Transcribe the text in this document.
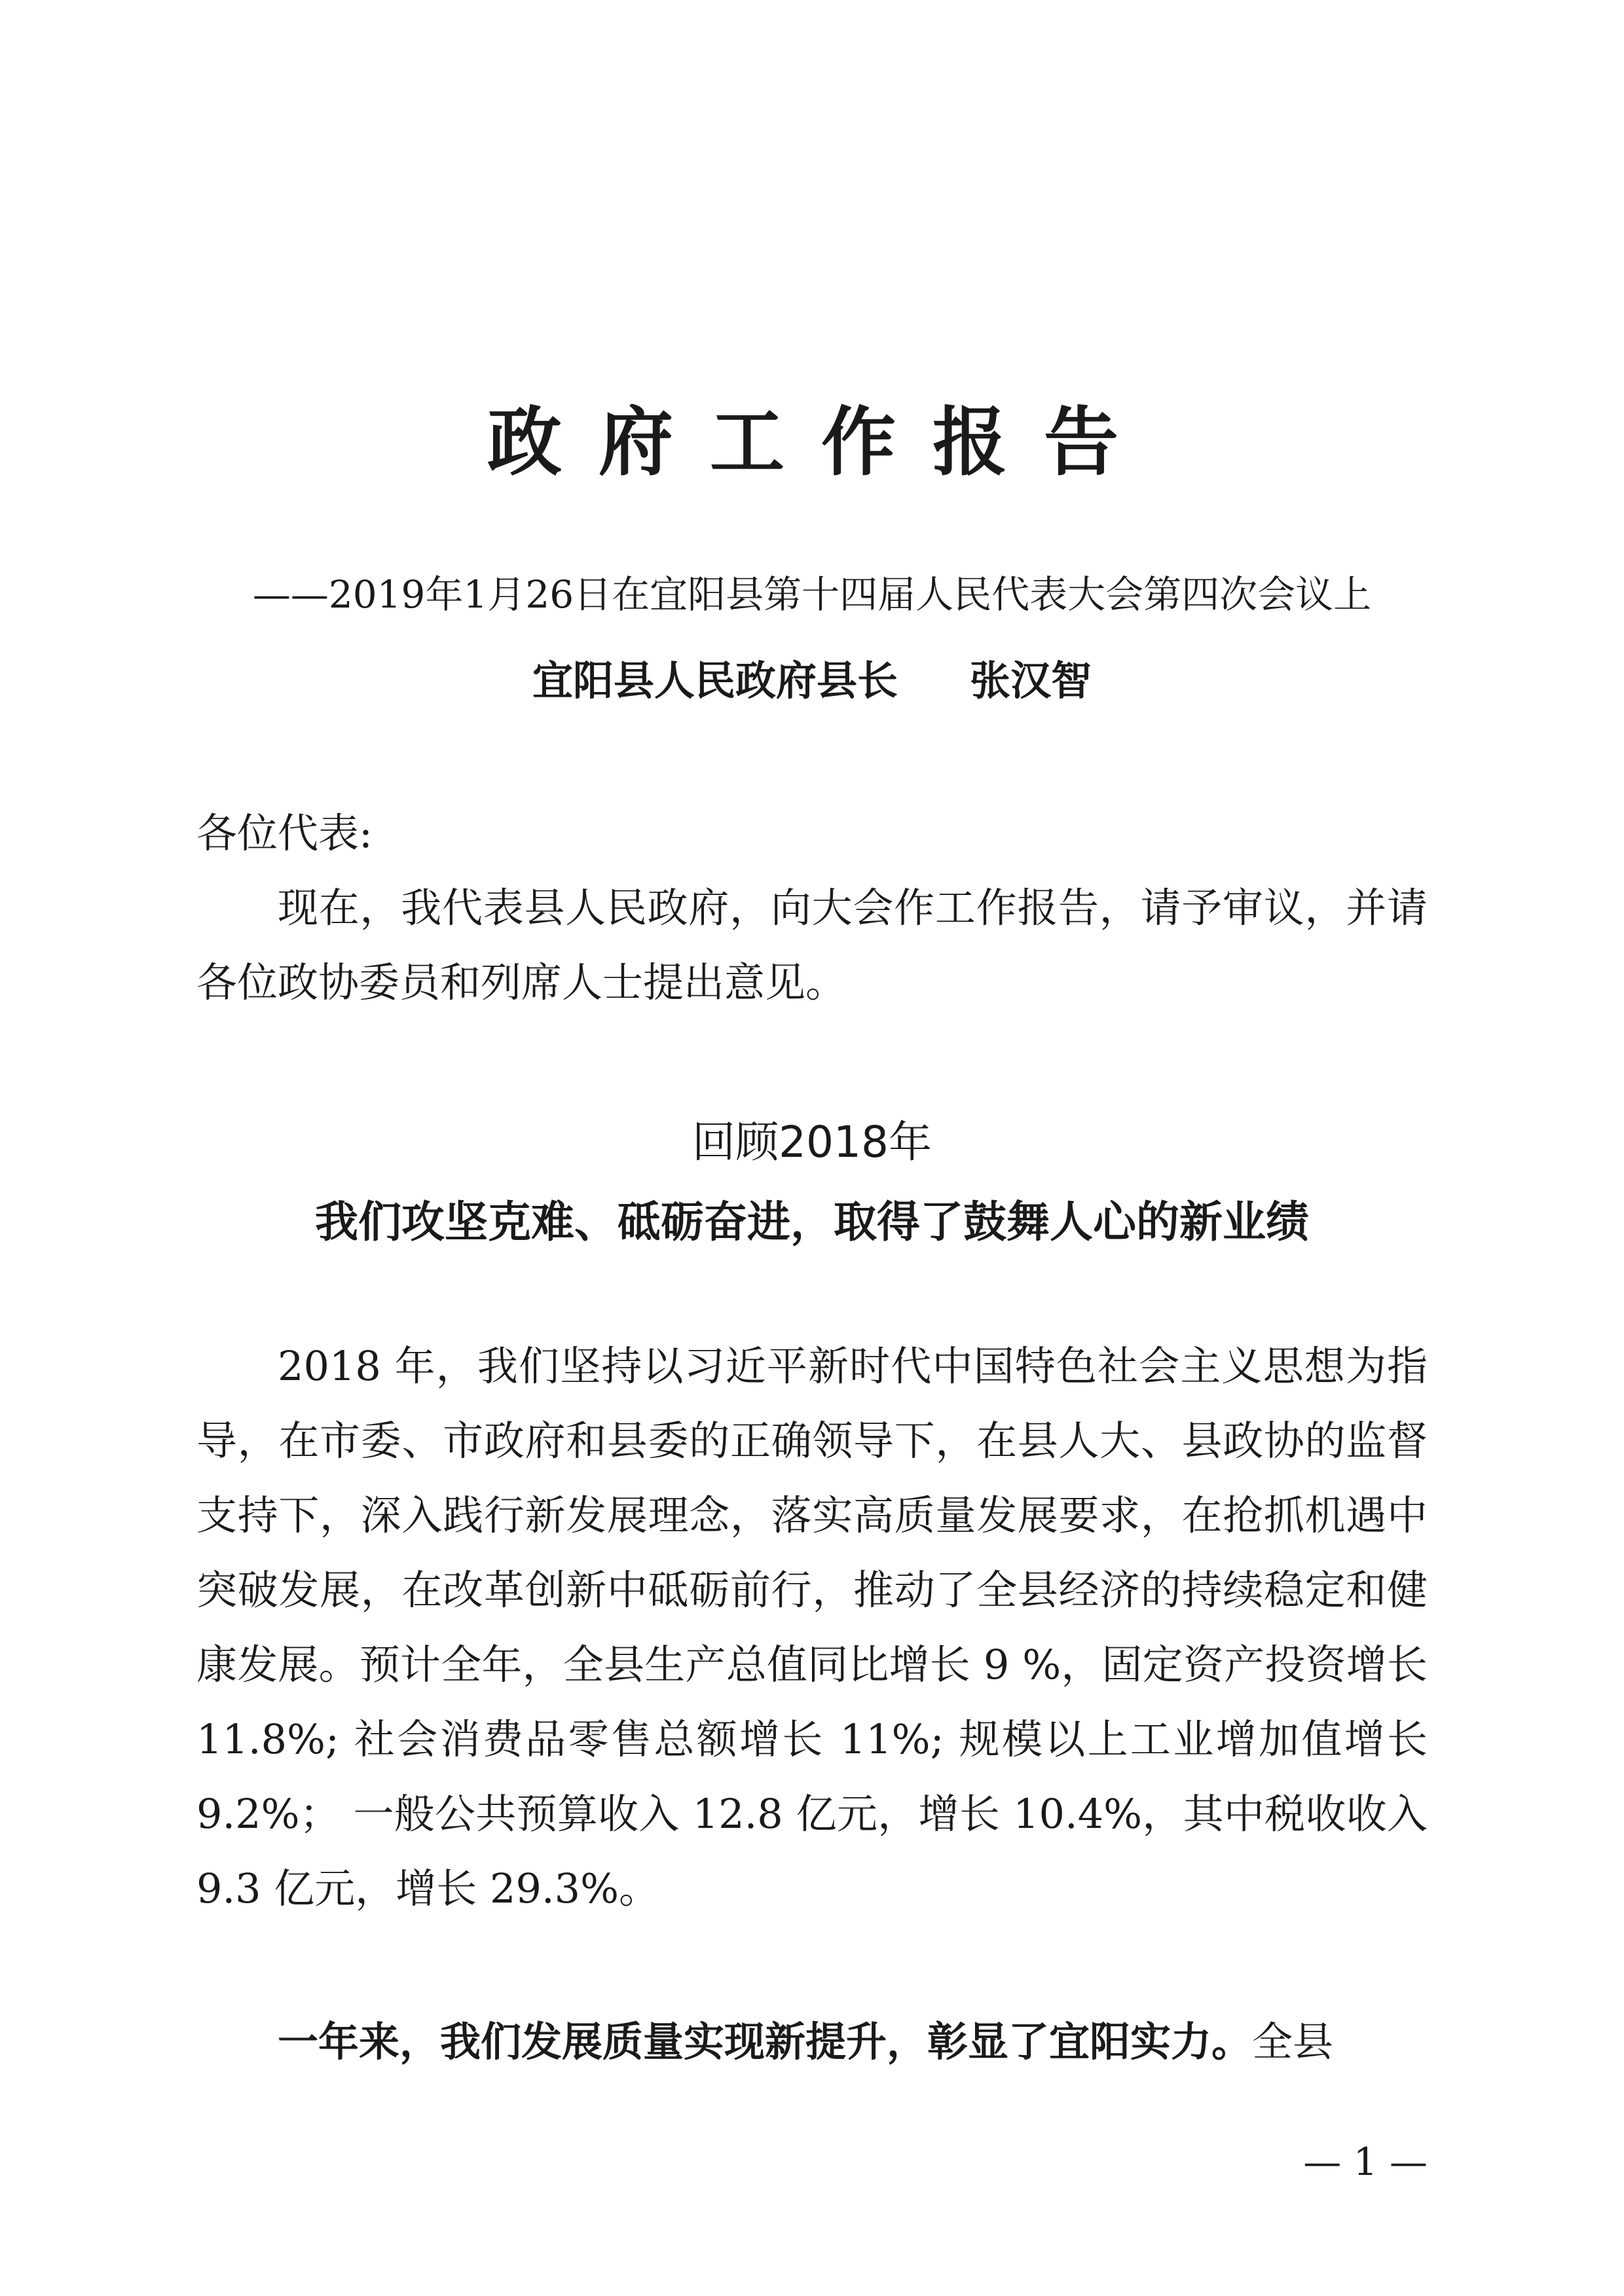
政府工作报告
——2019年1月26日在宜阳县第十四届人民代表大会第四次会议上
宜阳县人民政府县长 张汉智
各位代表:
现在，我代表县人民政府，向大会作工作报告，请予审议，并请各位政协委员和列席人士提出意见。
回顾2018年
我们攻坚克难、砥砺奋进，取得了鼓舞人心的新业绩
2018 年，我们坚持以习近平新时代中国特色社会主义思想为指导，在市委、市政府和县委的正确领导下，在县人大、县政协的监督支持下，深入践行新发展理念，落实高质量发展要求，在抢抓机遇中突破发展，在改革创新中砥砺前行，推动了全县经济的持续稳定和健康发展。预计全年，全县生产总值同比增长 9 %，固定资产投资增长 11.8%; 社会消费品零售总额增长 11%; 规模以上工业增加值增长 9.2%； 一般公共预算收入 12.8 亿元，增长 10.4%，其中税收收入 9.3 亿元，增长 29.3%。
一年来，我们发展质量实现新提升，彰显了宜阳实力。全县
— 1 —
